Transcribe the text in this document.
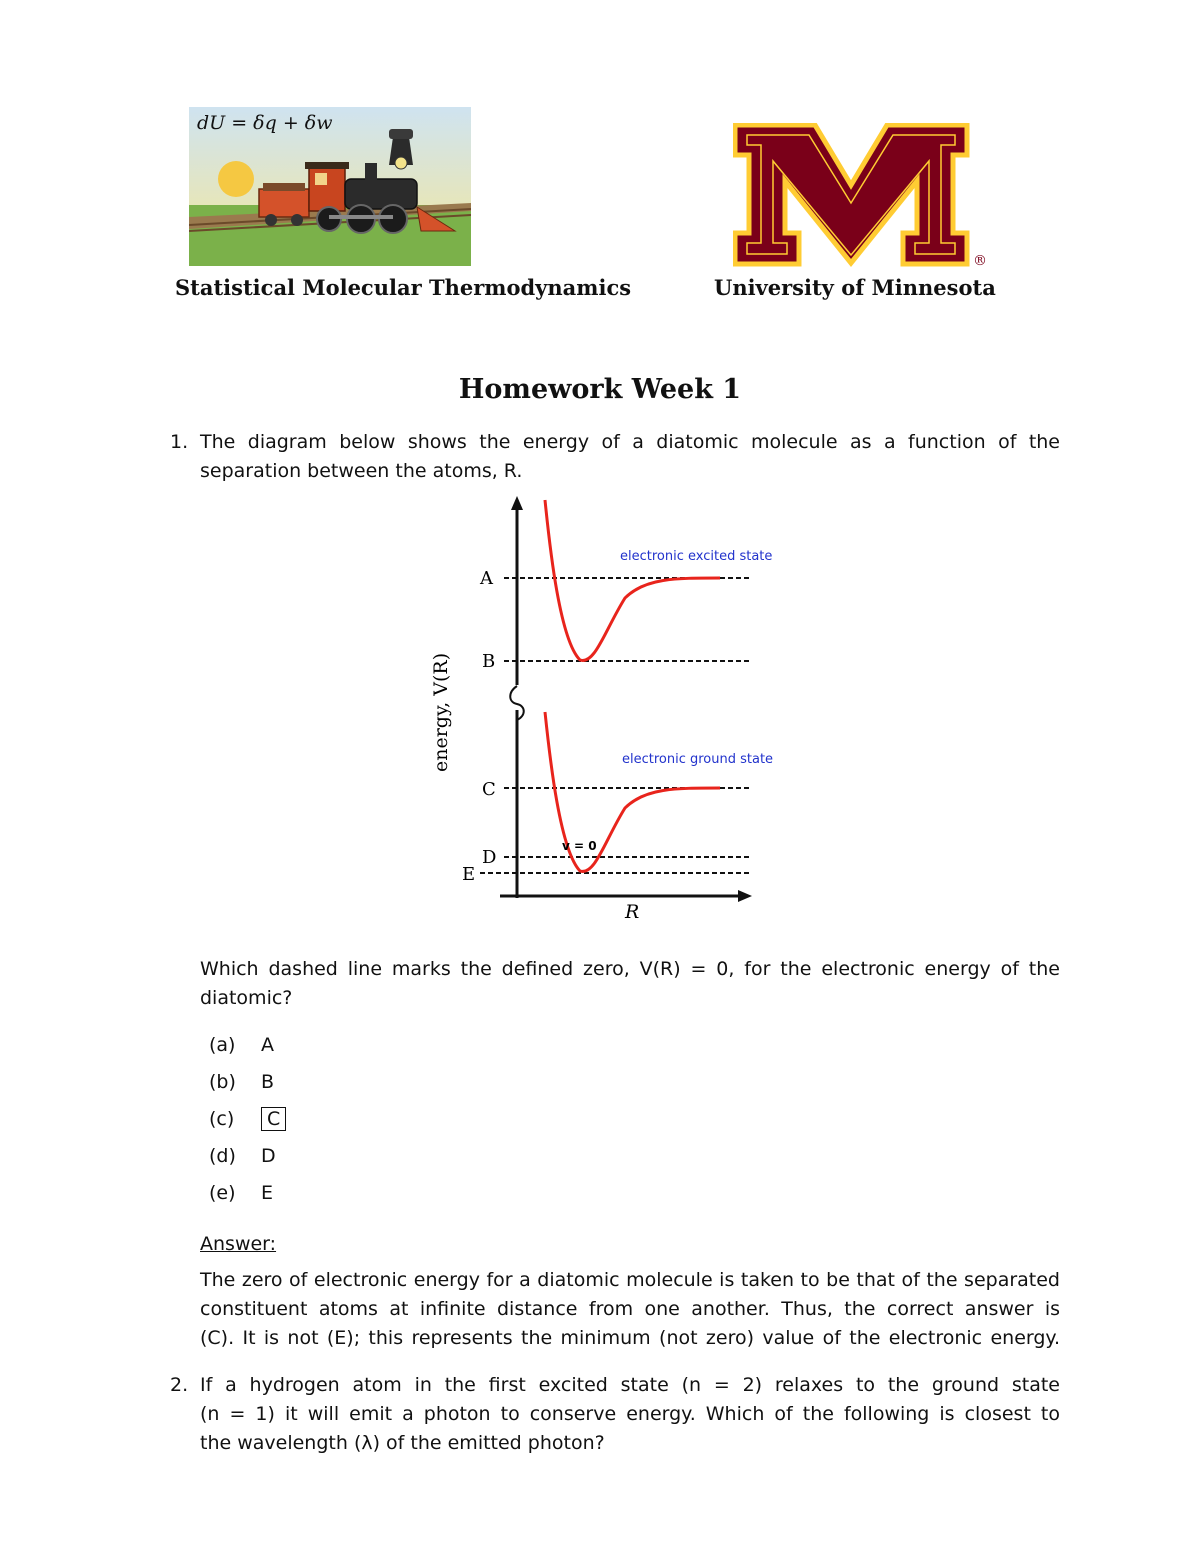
dU = δq + δw
®
Statistical Molecular Thermodynamics	University of Minnesota
Homework Week 1
1. The diagram below shows the energy of a diatomic molecule as a function of the
separation between the atoms, R.
A
B
C
D
E
electronic excited state
electronic ground state
v = 0
R
energy, V(R)
Which dashed line marks the defined zero, V(R) = 0, for the electronic energy of the
diatomic?
(a) A
(b) B
(c) C
(d) D
(e) E
Answer:
The zero of electronic energy for a diatomic molecule is taken to be that of the separated
constituent atoms at infinite distance from one another. Thus, the correct answer is
(C). It is not (E); this represents the minimum (not zero) value of the electronic energy.
2. If a hydrogen atom in the first excited state (n = 2) relaxes to the ground state
(n = 1) it will emit a photon to conserve energy. Which of the following is closest to
the wavelength (λ) of the emitted photon?
